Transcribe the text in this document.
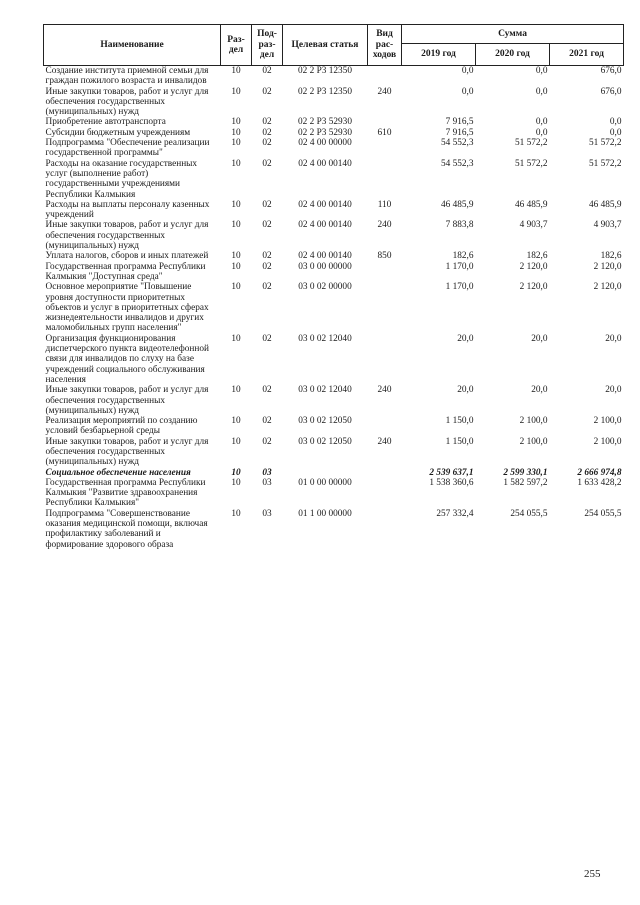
Наименование	Раз-дел	Под-раз-дел	Целевая статья	Вид рас-ходов	Сумма		
					2019 год	2020 год	2021 год
Создание института приемной семьи для граждан пожилого возраста и инвалидов	10	02	02 2 Р3 12350		0,0	0,0	676,0
Иные закупки товаров, работ и услуг для обеспечения государственных (муниципальных) нужд	10	02	02 2 Р3 12350	240	0,0	0,0	676,0
Приобретение автотранспорта	10	02	02 2 Р3 52930		7 916,5	0,0	0,0
Субсидии бюджетным учреждениям	10	02	02 2 Р3 52930	610	7 916,5	0,0	0,0
Подпрограмма "Обеспечение реализации государственной программы"	10	02	02 4 00 00000		54 552,3	51 572,2	51 572,2
Расходы на оказание государственных услуг (выполнение работ) государственными учреждениями Республики Калмыкия	10	02	02 4 00 00140		54 552,3	51 572,2	51 572,2
Расходы на выплаты персоналу казенных учреждений	10	02	02 4 00 00140	110	46 485,9	46 485,9	46 485,9
Иные закупки товаров, работ и услуг для обеспечения государственных (муниципальных) нужд	10	02	02 4 00 00140	240	7 883,8	4 903,7	4 903,7
Уплата налогов, сборов и иных платежей	10	02	02 4 00 00140	850	182,6	182,6	182,6
Государственная программа Республики Калмыкия "Доступная среда"	10	02	03 0 00 00000		1 170,0	2 120,0	2 120,0
Основное мероприятие "Повышение уровня доступности приоритетных объектов и услуг в приоритетных сферах жизнедеятельности инвалидов и других маломобильных групп населения"	10	02	03 0 02 00000		1 170,0	2 120,0	2 120,0
Организация функционирования диспетчерского пункта видеотелефонной связи для инвалидов по слуху на базе учреждений социального обслуживания населения	10	02	03 0 02 12040		20,0	20,0	20,0
Иные закупки товаров, работ и услуг для обеспечения государственных (муниципальных) нужд	10	02	03 0 02 12040	240	20,0	20,0	20,0
Реализация мероприятий по созданию условий безбарьерной среды	10	02	03 0 02 12050		1 150,0	2 100,0	2 100,0
Иные закупки товаров, работ и услуг для обеспечения государственных (муниципальных) нужд	10	02	03 0 02 12050	240	1 150,0	2 100,0	2 100,0
Социальное обеспечение населения	10	03			2 539 637,1	2 599 330,1	2 666 974,8
Государственная программа Республики Калмыкия "Развитие здравоохранения Республики Калмыкия"	10	03	01 0 00 00000		1 538 360,6	1 582 597,2	1 633 428,2
Подпрограмма "Совершенствование оказания медицинской помощи, включая профилактику заболеваний и формирование здорового образа	10	03	01 1 00 00000		257 332,4	254 055,5	254 055,5
255
